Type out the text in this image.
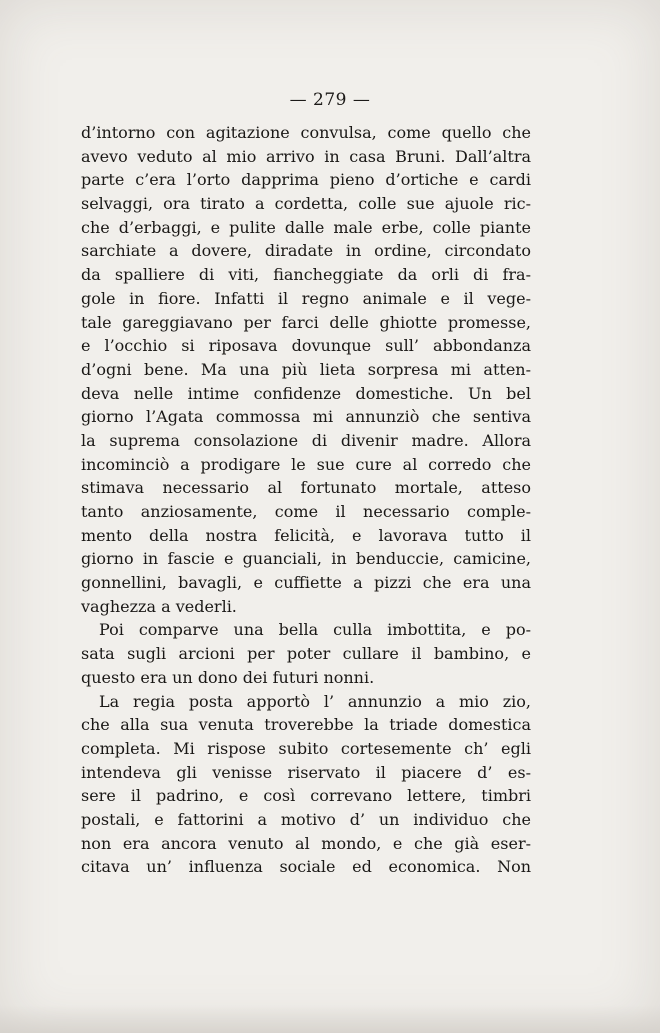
— 279 —
d’intorno con agitazione convulsa, come quello che
avevo veduto al mio arrivo in casa Bruni. Dall’altra
parte c’era l’orto dapprima pieno d’ortiche e cardi
selvaggi, ora tirato a cordetta, colle sue ajuole ric-
che d’erbaggi, e pulite dalle male erbe, colle piante
sarchiate a dovere, diradate in ordine, circondato
da spalliere di viti, fiancheggiate da orli di fra-
gole in fiore. Infatti il regno animale e il vege-
tale gareggiavano per farci delle ghiotte promesse,
e l’occhio si riposava dovunque sull’ abbondanza
d’ogni bene. Ma una più lieta sorpresa mi atten-
deva nelle intime confidenze domestiche. Un bel
giorno l’Agata commossa mi annunziò che sentiva
la suprema consolazione di divenir madre. Allora
incominciò a prodigare le sue cure al corredo che
stimava necessario al fortunato mortale, atteso
tanto anziosamente, come il necessario comple-
mento della nostra felicità, e lavorava tutto il
giorno in fascie e guanciali, in benduccie, camicine,
gonnellini, bavagli, e cuffiette a pizzi che era una
vaghezza a vederli.
Poi comparve una bella culla imbottita, e po-
sata sugli arcioni per poter cullare il bambino, e
questo era un dono dei futuri nonni.
La regia posta apportò l’ annunzio a mio zio,
che alla sua venuta troverebbe la triade domestica
completa. Mi rispose subito cortesemente ch’ egli
intendeva gli venisse riservato il piacere d’ es-
sere il padrino, e così correvano lettere, timbri
postali, e fattorini a motivo d’ un individuo che
non era ancora venuto al mondo, e che già eser-
citava un’ influenza sociale ed economica. Non
